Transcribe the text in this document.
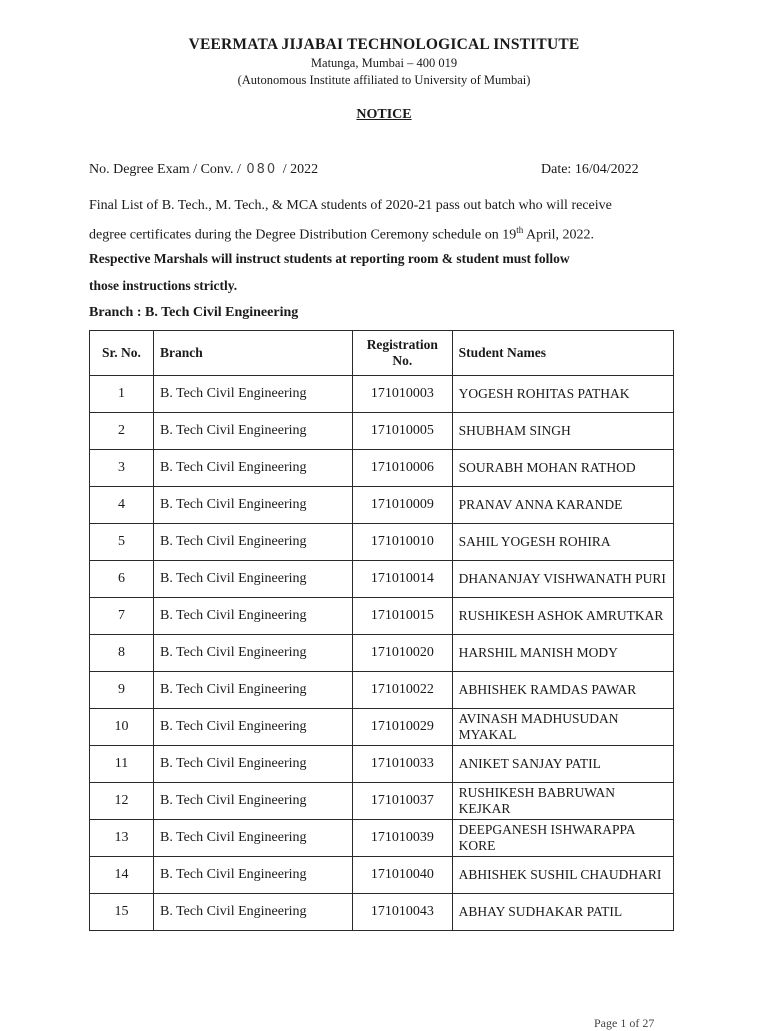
VEERMATA JIJABAI TECHNOLOGICAL INSTITUTE
Matunga, Mumbai – 400 019
(Autonomous Institute affiliated to University of Mumbai)
NOTICE
No. Degree Exam / Conv. / 080 / 2022	Date: 16/04/2022
Final List of B. Tech., M. Tech., & MCA students of 2020-21 pass out batch who will receive
degree certificates during the Degree Distribution Ceremony schedule on 19th April, 2022.
Respective Marshals will instruct students at reporting room & student must follow
those instructions strictly.
Branch : B. Tech Civil Engineering
Sr. No.	Branch	Registration No.	Student Names
1	B. Tech Civil Engineering	171010003	YOGESH ROHITAS PATHAK
2	B. Tech Civil Engineering	171010005	SHUBHAM SINGH
3	B. Tech Civil Engineering	171010006	SOURABH MOHAN RATHOD
4	B. Tech Civil Engineering	171010009	PRANAV ANNA KARANDE
5	B. Tech Civil Engineering	171010010	SAHIL YOGESH ROHIRA
6	B. Tech Civil Engineering	171010014	DHANANJAY VISHWANATH PURI
7	B. Tech Civil Engineering	171010015	RUSHIKESH ASHOK AMRUTKAR
8	B. Tech Civil Engineering	171010020	HARSHIL MANISH MODY
9	B. Tech Civil Engineering	171010022	ABHISHEK RAMDAS PAWAR
10	B. Tech Civil Engineering	171010029	AVINASH MADHUSUDAN MYAKAL
11	B. Tech Civil Engineering	171010033	ANIKET SANJAY PATIL
12	B. Tech Civil Engineering	171010037	RUSHIKESH BABRUWAN KEJKAR
13	B. Tech Civil Engineering	171010039	DEEPGANESH ISHWARAPPA KORE
14	B. Tech Civil Engineering	171010040	ABHISHEK SUSHIL CHAUDHARI
15	B. Tech Civil Engineering	171010043	ABHAY SUDHAKAR PATIL
Page 1 of 27
